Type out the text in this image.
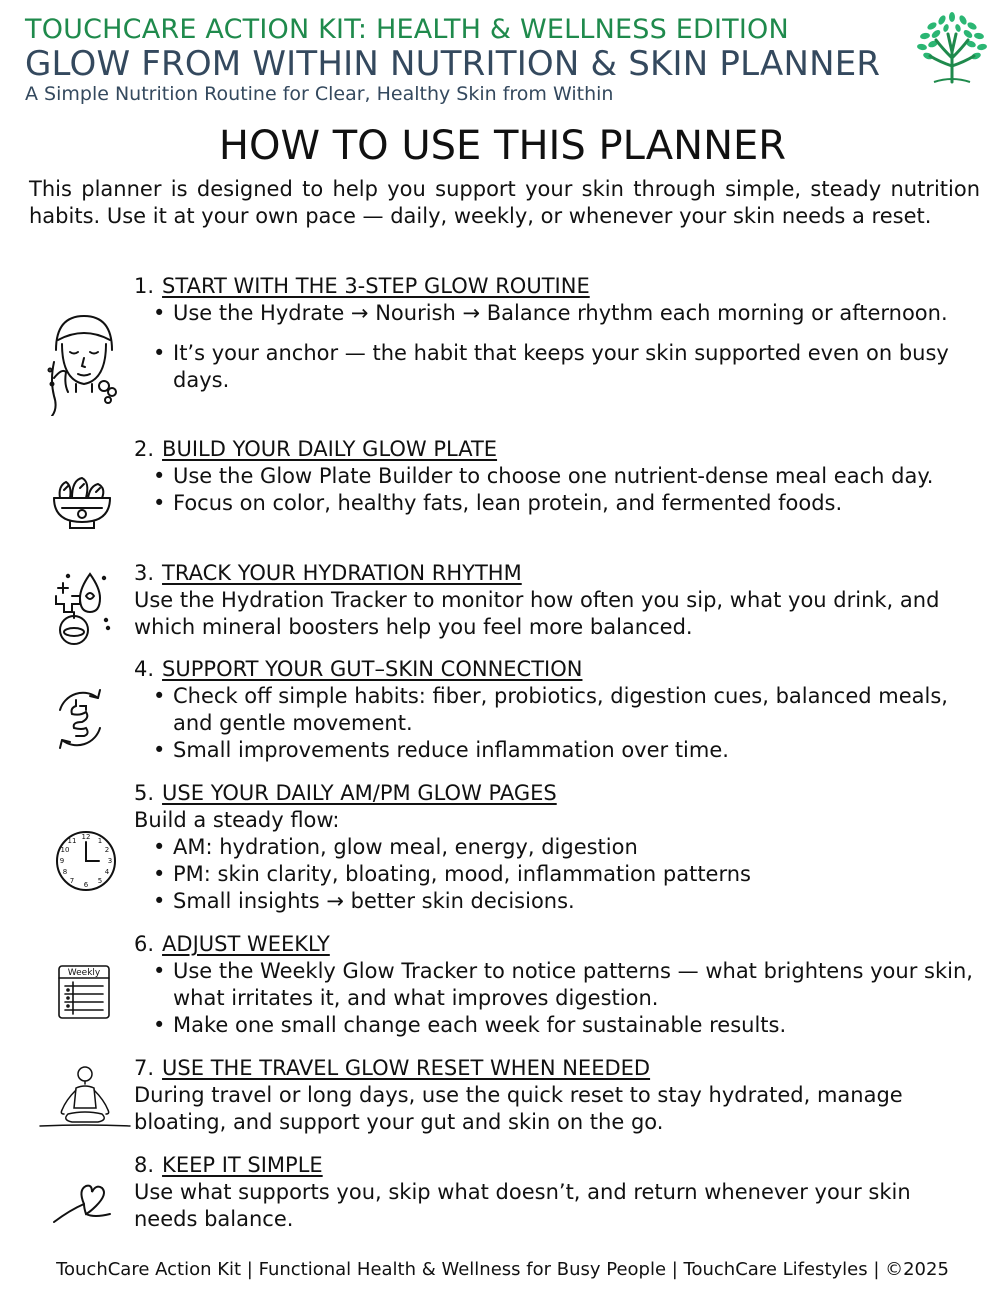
TOUCHCARE ACTION KIT: HEALTH & WELLNESS EDITION
GLOW FROM WITHIN NUTRITION & SKIN PLANNER
A Simple Nutrition Routine for Clear, Healthy Skin from Within
HOW TO USE THIS PLANNER
This planner is designed to help you support your skin through simple, steady nutrition habits. Use it at your own pace — daily, weekly, or whenever your skin needs a reset.
1. START WITH THE 3-STEP GLOW ROUTINE
• Use the Hydrate → Nourish → Balance rhythm each morning or afternoon.
• It’s your anchor — the habit that keeps your skin supported even on busy days.
2. BUILD YOUR DAILY GLOW PLATE
• Use the Glow Plate Builder to choose one nutrient-dense meal each day.
• Focus on color, healthy fats, lean protein, and fermented foods.
3. TRACK YOUR HYDRATION RHYTHM
Use the Hydration Tracker to monitor how often you sip, what you drink, and which mineral boosters help you feel more balanced.
4. SUPPORT YOUR GUT–SKIN CONNECTION
• Check off simple habits: fiber, probiotics, digestion cues, balanced meals, and gentle movement.
• Small improvements reduce inflammation over time.
12 1
2
3
4
5
6
7
8
9
10
11
5. USE YOUR DAILY AM/PM GLOW PAGES
Build a steady flow:
• AM: hydration, glow meal, energy, digestion
• PM: skin clarity, bloating, mood, inflammation patterns
• Small insights → better skin decisions.
Weekly
6. ADJUST WEEKLY
• Use the Weekly Glow Tracker to notice patterns — what brightens your skin, what irritates it, and what improves digestion.
• Make one small change each week for sustainable results.
7. USE THE TRAVEL GLOW RESET WHEN NEEDED
During travel or long days, use the quick reset to stay hydrated, manage bloating, and support your gut and skin on the go.
8. KEEP IT SIMPLE
Use what supports you, skip what doesn’t, and return whenever your skin needs balance.
TouchCare Action Kit | Functional Health & Wellness for Busy People | TouchCare Lifestyles | ©2025
